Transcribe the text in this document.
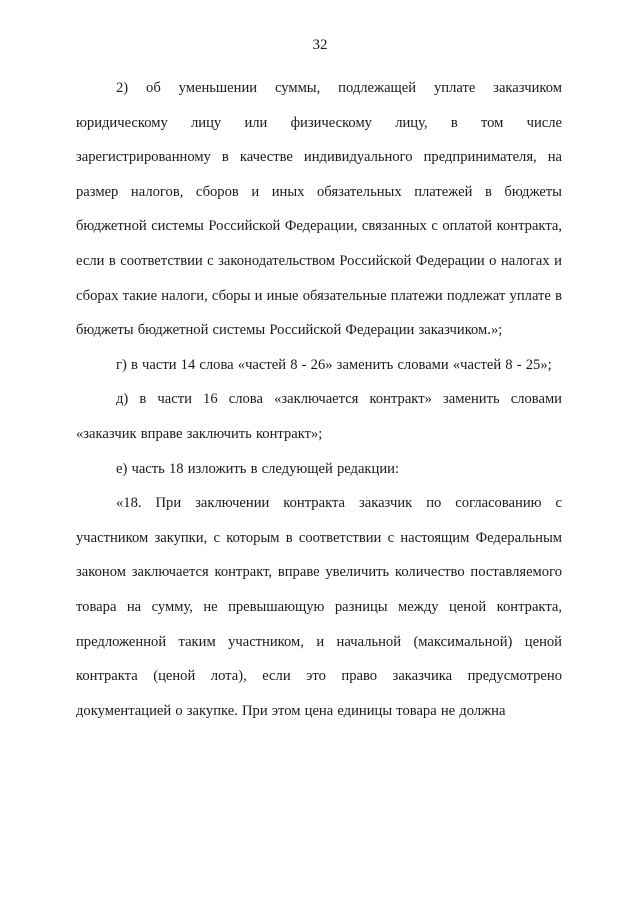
32

2) об уменьшении суммы, подлежащей уплате заказчиком юридическому лицу или физическому лицу, в том числе зарегистрированному в качестве индивидуального предпринимателя, на размер налогов, сборов и иных обязательных платежей в бюджеты бюджетной системы Российской Федерации, связанных с оплатой контракта, если в соответствии с законодательством Российской Федерации о налогах и сборах такие налоги, сборы и иные обязательные платежи подлежат уплате в бюджеты бюджетной системы Российской Федерации заказчиком.»;

г) в части 14 слова «частей 8 - 26» заменить словами «частей 8 - 25»;

д) в части 16 слова «заключается контракт» заменить словами «заказчик вправе заключить контракт»;

е) часть 18 изложить в следующей редакции:

«18. При заключении контракта заказчик по согласованию с участником закупки, с которым в соответствии с настоящим Федеральным законом заключается контракт, вправе увеличить количество поставляемого товара на сумму, не превышающую разницы между ценой контракта, предложенной таким участником, и начальной (максимальной) ценой контракта (ценой лота), если это право заказчика предусмотрено документацией о закупке. При этом цена единицы товара не должна
